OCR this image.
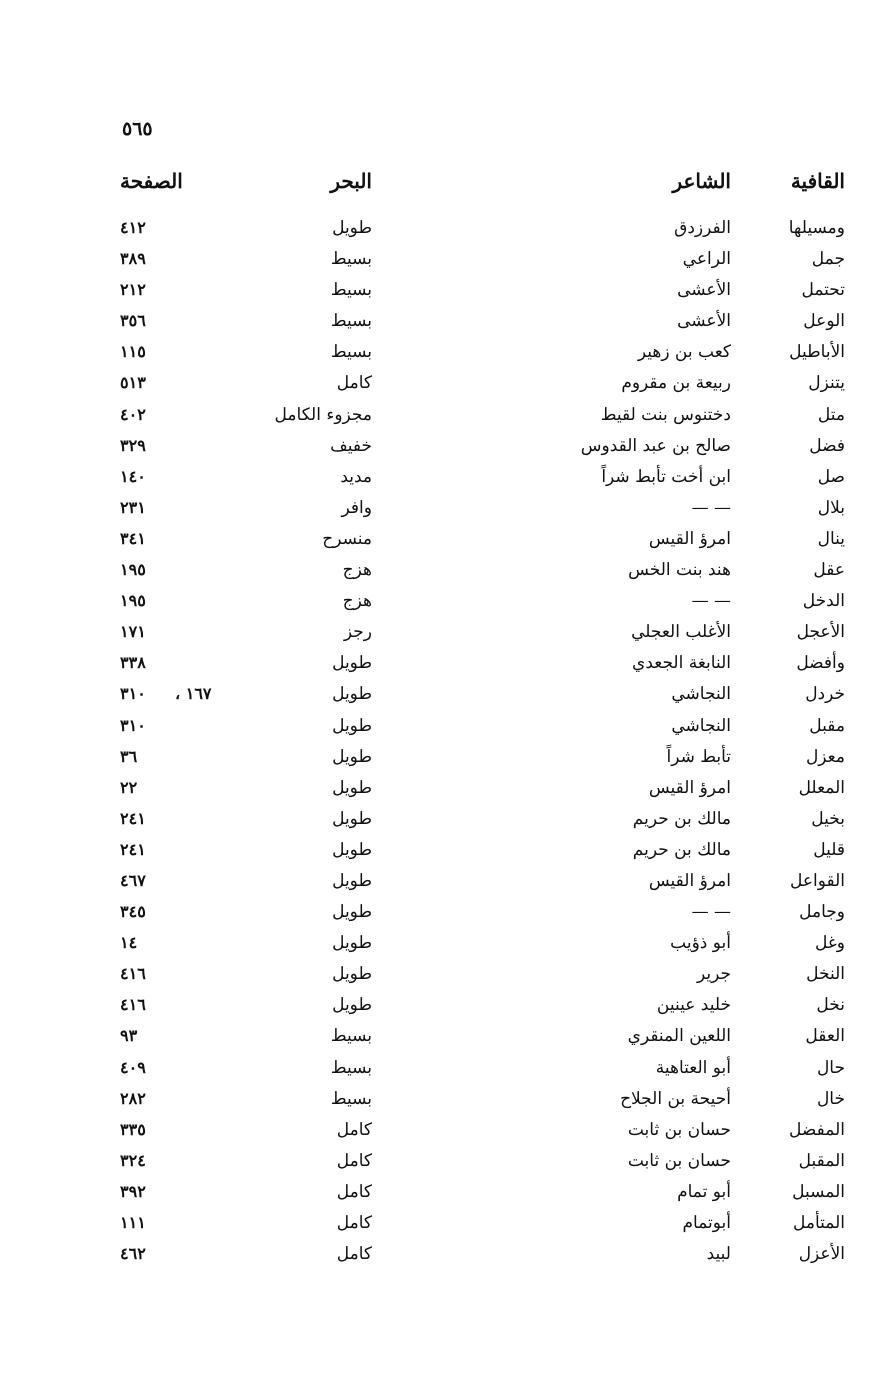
٥٦٥
القافية
الشاعر
البحر
الصفحة
ومسيلها
الفرزدق
طويل
٤١٢
جمل
الراعي
بسيط
٣٨٩
تحتمل
الأعشى
بسيط
٢١٢
الوعل
الأعشى
بسيط
٣٥٦
الأباطيل
كعب بن زهير
بسيط
١١٥
يتنزل
ربيعة بن مقروم
كامل
٥١٣
متل
دختنوس بنت لقيط
مجزوء الكامل
٤٠٢
فضل
صالح بن عبد القدوس
خفيف
٣٢٩
صل
ابن أخت تأبط شراً
مديد
١٤٠
بلال
— —
وافر
٢٣١
ينال
امرؤ القيس
منسرح
٣٤١
عقل
هند بنت الخس
هزج
١٩٥
الدخل
— —
هزج
١٩٥
الأعجل
الأغلب العجلي
رجز
١٧١
وأفضل
النابغة الجعدي
طويل
٣٣٨
خردل
النجاشي
طويل
٣١٠ ، ١٦٧
مقبل
النجاشي
طويل
٣١٠
معزل
تأبط شراً
طويل
٣٦
المعلل
امرؤ القيس
طويل
٢٢
بخيل
مالك بن حريم
طويل
٢٤١
قليل
مالك بن حريم
طويل
٢٤١
القواعل
امرؤ القيس
طويل
٤٦٧
وجامل
— —
طويل
٣٤٥
وغل
أبو ذؤيب
طويل
١٤
النخل
جرير
طويل
٤١٦
نخل
خليد عينين
طويل
٤١٦
العقل
اللعين المنقري
بسيط
٩٣
حال
أبو العتاهية
بسيط
٤٠٩
خال
أحيحة بن الجلاح
بسيط
٢٨٢
المفضل
حسان بن ثابت
كامل
٣٣٥
المقبل
حسان بن ثابت
كامل
٣٢٤
المسبل
أبو تمام
كامل
٣٩٢
المتأمل
أبوتمام
كامل
١١١
الأعزل
لبيد
كامل
٤٦٢
